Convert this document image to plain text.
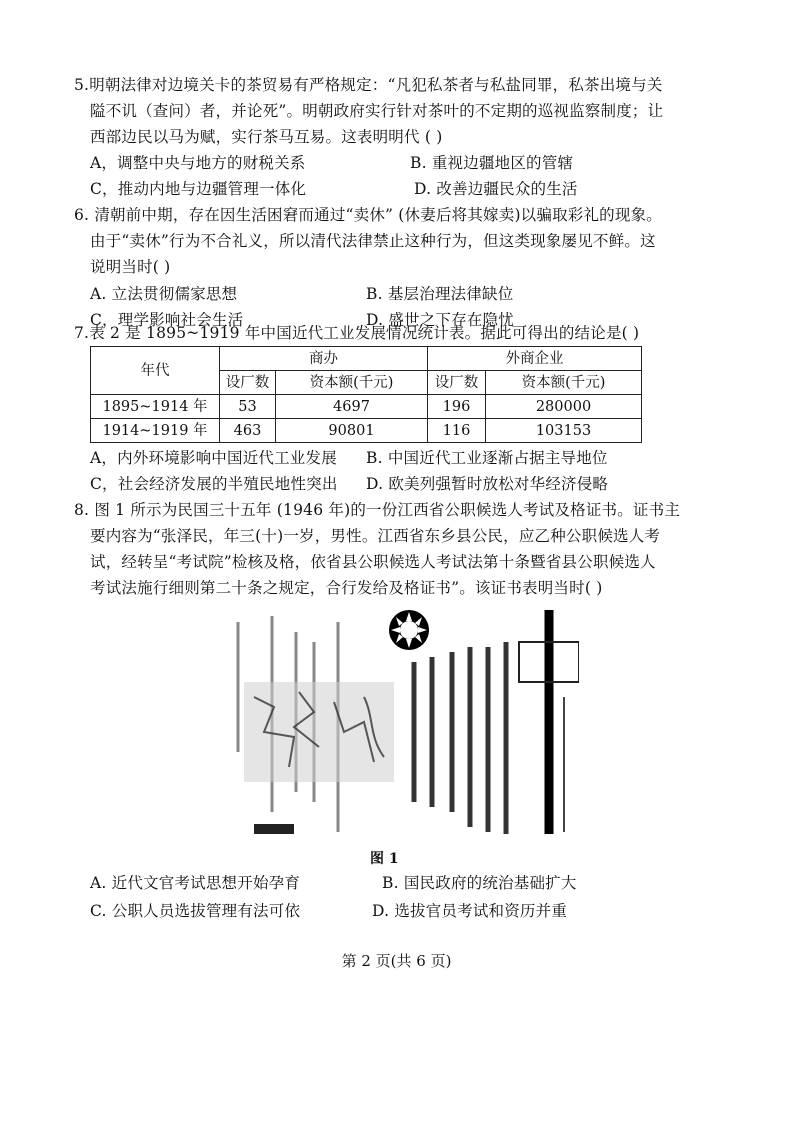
5.明朝法律对边境关卡的茶贸易有严格规定：“凡犯私茶者与私盐同罪，私茶出境与关
隘不讥（查问）者，并论死”。明朝政府实行针对茶叶的不定期的巡视监察制度；让
西部边民以马为赋，实行茶马互易。这表明明代 ( )
A，调整中央与地方的财税关系	B. 重视边疆地区的管辖
C，推动内地与边疆管理一体化	D. 改善边疆民众的生活
6. 清朝前中期，存在因生活困窘而通过“卖休” (休妻后将其嫁卖)以骗取彩礼的现象。
由于“卖休”行为不合礼义，所以清代法律禁止这种行为，但这类现象屡见不鲜。这
说明当时( )
A. 立法贯彻儒家思想	B. 基层治理法律缺位
C，理学影响社会生活	D. 盛世之下存在隐忧
7.表 2 是 1895~1919 年中国近代工业发展情况统计表。据此可得出的结论是( )
年代	商办		外商企业	
	设厂数	资本额(千元)	设厂数	资本额(千元)
1895~1914 年	53	4697	196	280000
1914~1919 年	463	90801	116	103153
A，内外环境影响中国近代工业发展 B. 中国近代工业逐渐占据主导地位
C，社会经济发展的半殖民地性突出 D. 欧美列强暂时放松对华经济侵略
8. 图 1 所示为民国三十五年 (1946 年)的一份江西省公职候选人考试及格证书。证书主
要内容为“张泽民，年三(十)一岁，男性。江西省东乡县公民，应乙种公职候选人考
试，经转呈“考试院”检核及格，依省县公职候选人考试法第十条暨省县公职候选人
考试法施行细则第二十条之规定，合行发给及格证书”。该证书表明当时( )
图 1
A. 近代文官考试思想开始孕育	B. 国民政府的统治基础扩大
C. 公职人员选拔管理有法可依	D. 选拔官员考试和资历并重
第 2 页(共 6 页)
